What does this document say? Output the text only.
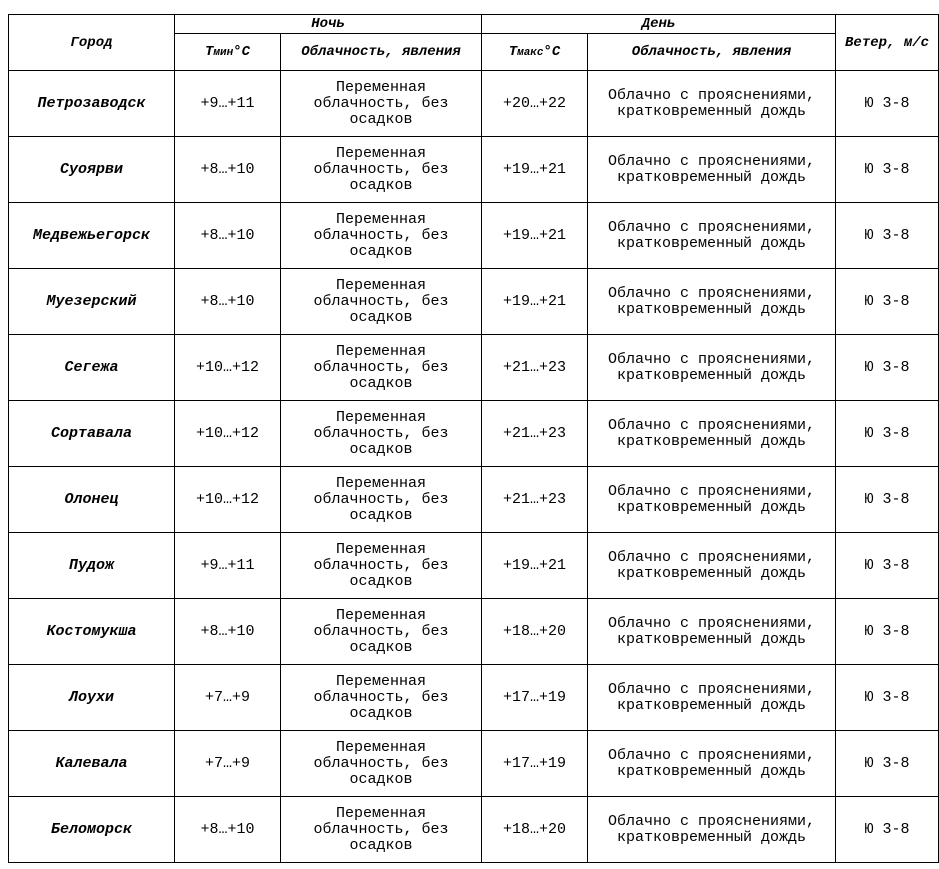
Город	Ночь		День		Ветер, м/с
	Tмин°С	Облачность, явления	Tмакс°С	Облачность, явления	
Петрозаводск	+9…+11	Переменная облачность, без осадков	+20…+22	Облачно с прояснениями, кратковременный дождь	Ю 3-8
Суоярви	+8…+10	Переменная облачность, без осадков	+19…+21	Облачно с прояснениями, кратковременный дождь	Ю 3-8
Медвежьегорск	+8…+10	Переменная облачность, без осадков	+19…+21	Облачно с прояснениями, кратковременный дождь	Ю 3-8
Муезерский	+8…+10	Переменная облачность, без осадков	+19…+21	Облачно с прояснениями, кратковременный дождь	Ю 3-8
Сегежа	+10…+12	Переменная облачность, без осадков	+21…+23	Облачно с прояснениями, кратковременный дождь	Ю 3-8
Сортавала	+10…+12	Переменная облачность, без осадков	+21…+23	Облачно с прояснениями, кратковременный дождь	Ю 3-8
Олонец	+10…+12	Переменная облачность, без осадков	+21…+23	Облачно с прояснениями, кратковременный дождь	Ю 3-8
Пудож	+9…+11	Переменная облачность, без осадков	+19…+21	Облачно с прояснениями, кратковременный дождь	Ю 3-8
Костомукша	+8…+10	Переменная облачность, без осадков	+18…+20	Облачно с прояснениями, кратковременный дождь	Ю 3-8
Лоухи	+7…+9	Переменная облачность, без осадков	+17…+19	Облачно с прояснениями, кратковременный дождь	Ю 3-8
Калевала	+7…+9	Переменная облачность, без осадков	+17…+19	Облачно с прояснениями, кратковременный дождь	Ю 3-8
Беломорск	+8…+10	Переменная облачность, без осадков	+18…+20	Облачно с прояснениями, кратковременный дождь	Ю 3-8
